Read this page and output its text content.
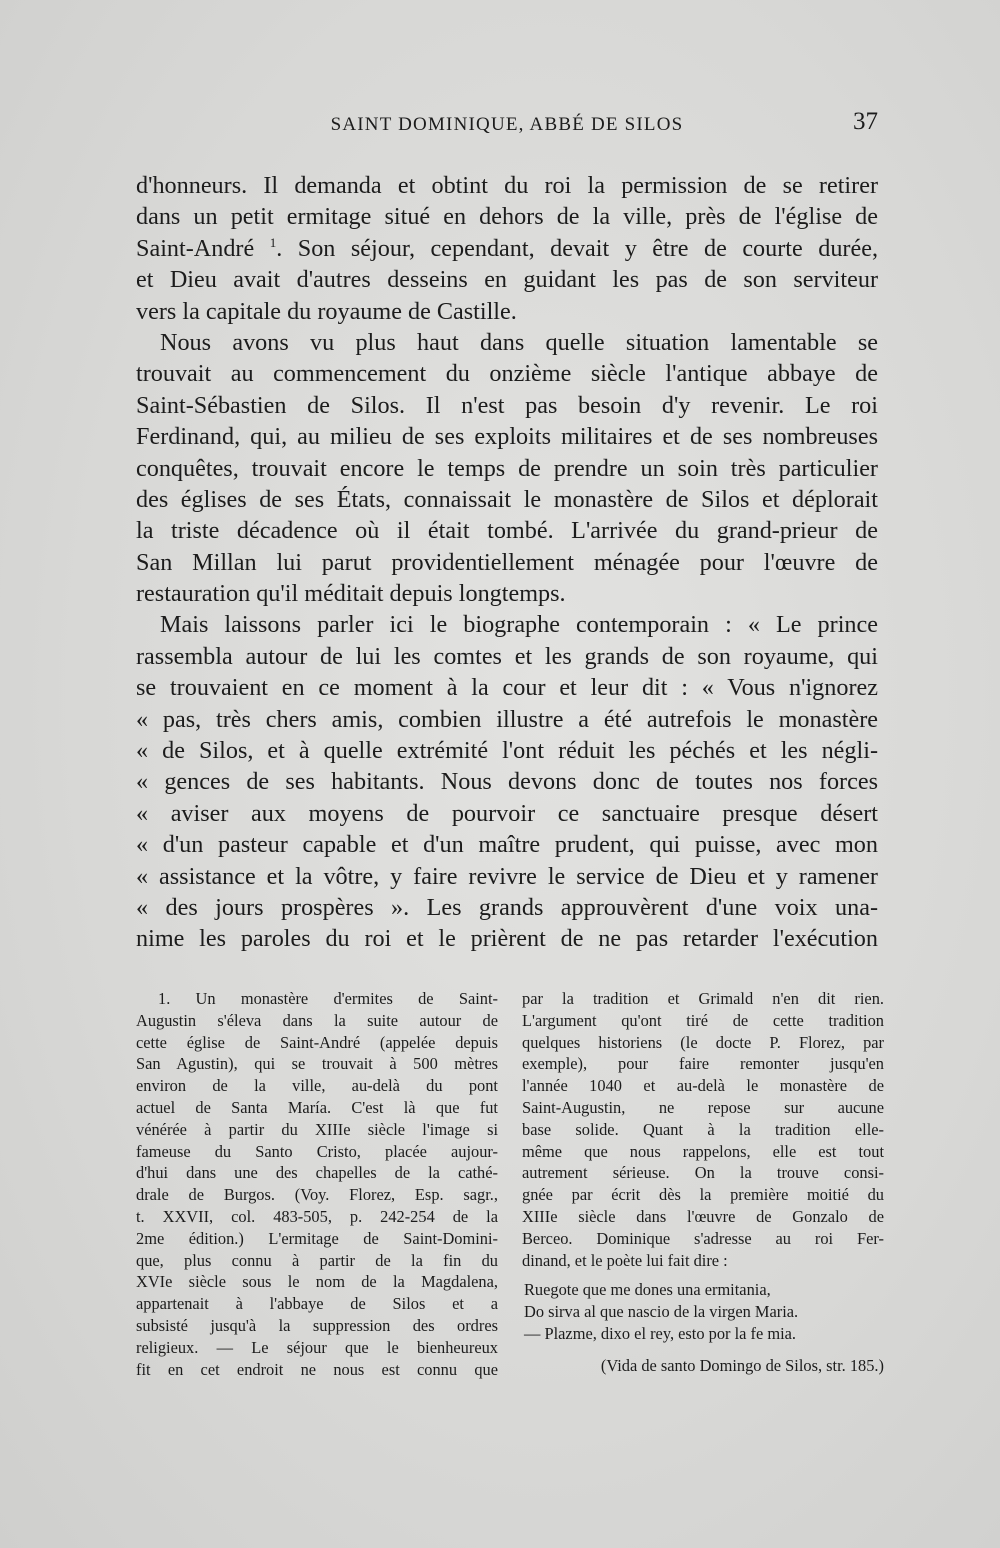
SAINT DOMINIQUE, ABBÉ DE SILOS	37
d'honneurs. Il demanda et obtint du roi la permission de se retirer
dans un petit ermitage situé en dehors de la ville, près de l'église de
Saint-André $^1$. Son séjour, cependant, devait y être de courte durée,
et Dieu avait d'autres desseins en guidant les pas de son serviteur
vers la capitale du royaume de Castille.
Nous avons vu plus haut dans quelle situation lamentable se
trouvait au commencement du onzième siècle l'antique abbaye de
Saint-Sébastien de Silos. Il n'est pas besoin d'y revenir. Le roi
Ferdinand, qui, au milieu de ses exploits militaires et de ses nombreuses
conquêtes, trouvait encore le temps de prendre un soin très particulier
des églises de ses États, connaissait le monastère de Silos et déplorait
la triste décadence où il était tombé. L'arrivée du grand-prieur de
San Millan lui parut providentiellement ménagée pour l'œuvre de
restauration qu'il méditait depuis longtemps.
Mais laissons parler ici le biographe contemporain : « Le prince
rassembla autour de lui les comtes et les grands de son royaume, qui
se trouvaient en ce moment à la cour et leur dit : « Vous n'ignorez
« pas, très chers amis, combien illustre a été autrefois le monastère
« de Silos, et à quelle extrémité l'ont réduit les péchés et les négli-
« gences de ses habitants. Nous devons donc de toutes nos forces
« aviser aux moyens de pourvoir ce sanctuaire presque désert
« d'un pasteur capable et d'un maître prudent, qui puisse, avec mon
« assistance et la vôtre, y faire revivre le service de Dieu et y ramener
« des jours prospères ». Les grands approuvèrent d'une voix una-
nime les paroles du roi et le prièrent de ne pas retarder l'exécution
1. Un monastère d'ermites de Saint-
Augustin s'éleva dans la suite autour de
cette église de Saint-André (appelée depuis
San Agustin), qui se trouvait à 500 mètres
environ de la ville, au-delà du pont
actuel de Santa María. C'est là que fut
vénérée à partir du XIIIe siècle l'image si
fameuse du Santo Cristo, placée aujour-
d'hui dans une des chapelles de la cathé-
drale de Burgos. (Voy. Florez, Esp. sagr.,
t. XXVII, col. 483-505, p. 242-254 de la
2me édition.) L'ermitage de Saint-Domini-
que, plus connu à partir de la fin du
XVIe siècle sous le nom de la Magdalena,
appartenait à l'abbaye de Silos et a
subsisté jusqu'à la suppression des ordres
religieux. — Le séjour que le bienheureux
fit en cet endroit ne nous est connu que
par la tradition et Grimald n'en dit rien.
L'argument qu'ont tiré de cette tradition
quelques historiens (le docte P. Florez, par
exemple), pour faire remonter jusqu'en
l'année 1040 et au-delà le monastère de
Saint-Augustin, ne repose sur aucune
base solide. Quant à la tradition elle-
même que nous rappelons, elle est tout
autrement sérieuse. On la trouve consi-
gnée par écrit dès la première moitié du
XIIIe siècle dans l'œuvre de Gonzalo de
Berceo. Dominique s'adresse au roi Fer-
dinand, et le poète lui fait dire :
Ruegote que me dones una ermitania,
Do sirva al que nascio de la virgen Maria.
— Plazme, dixo el rey, esto por la fe mia.
(Vida de santo Domingo de Silos, str. 185.)
